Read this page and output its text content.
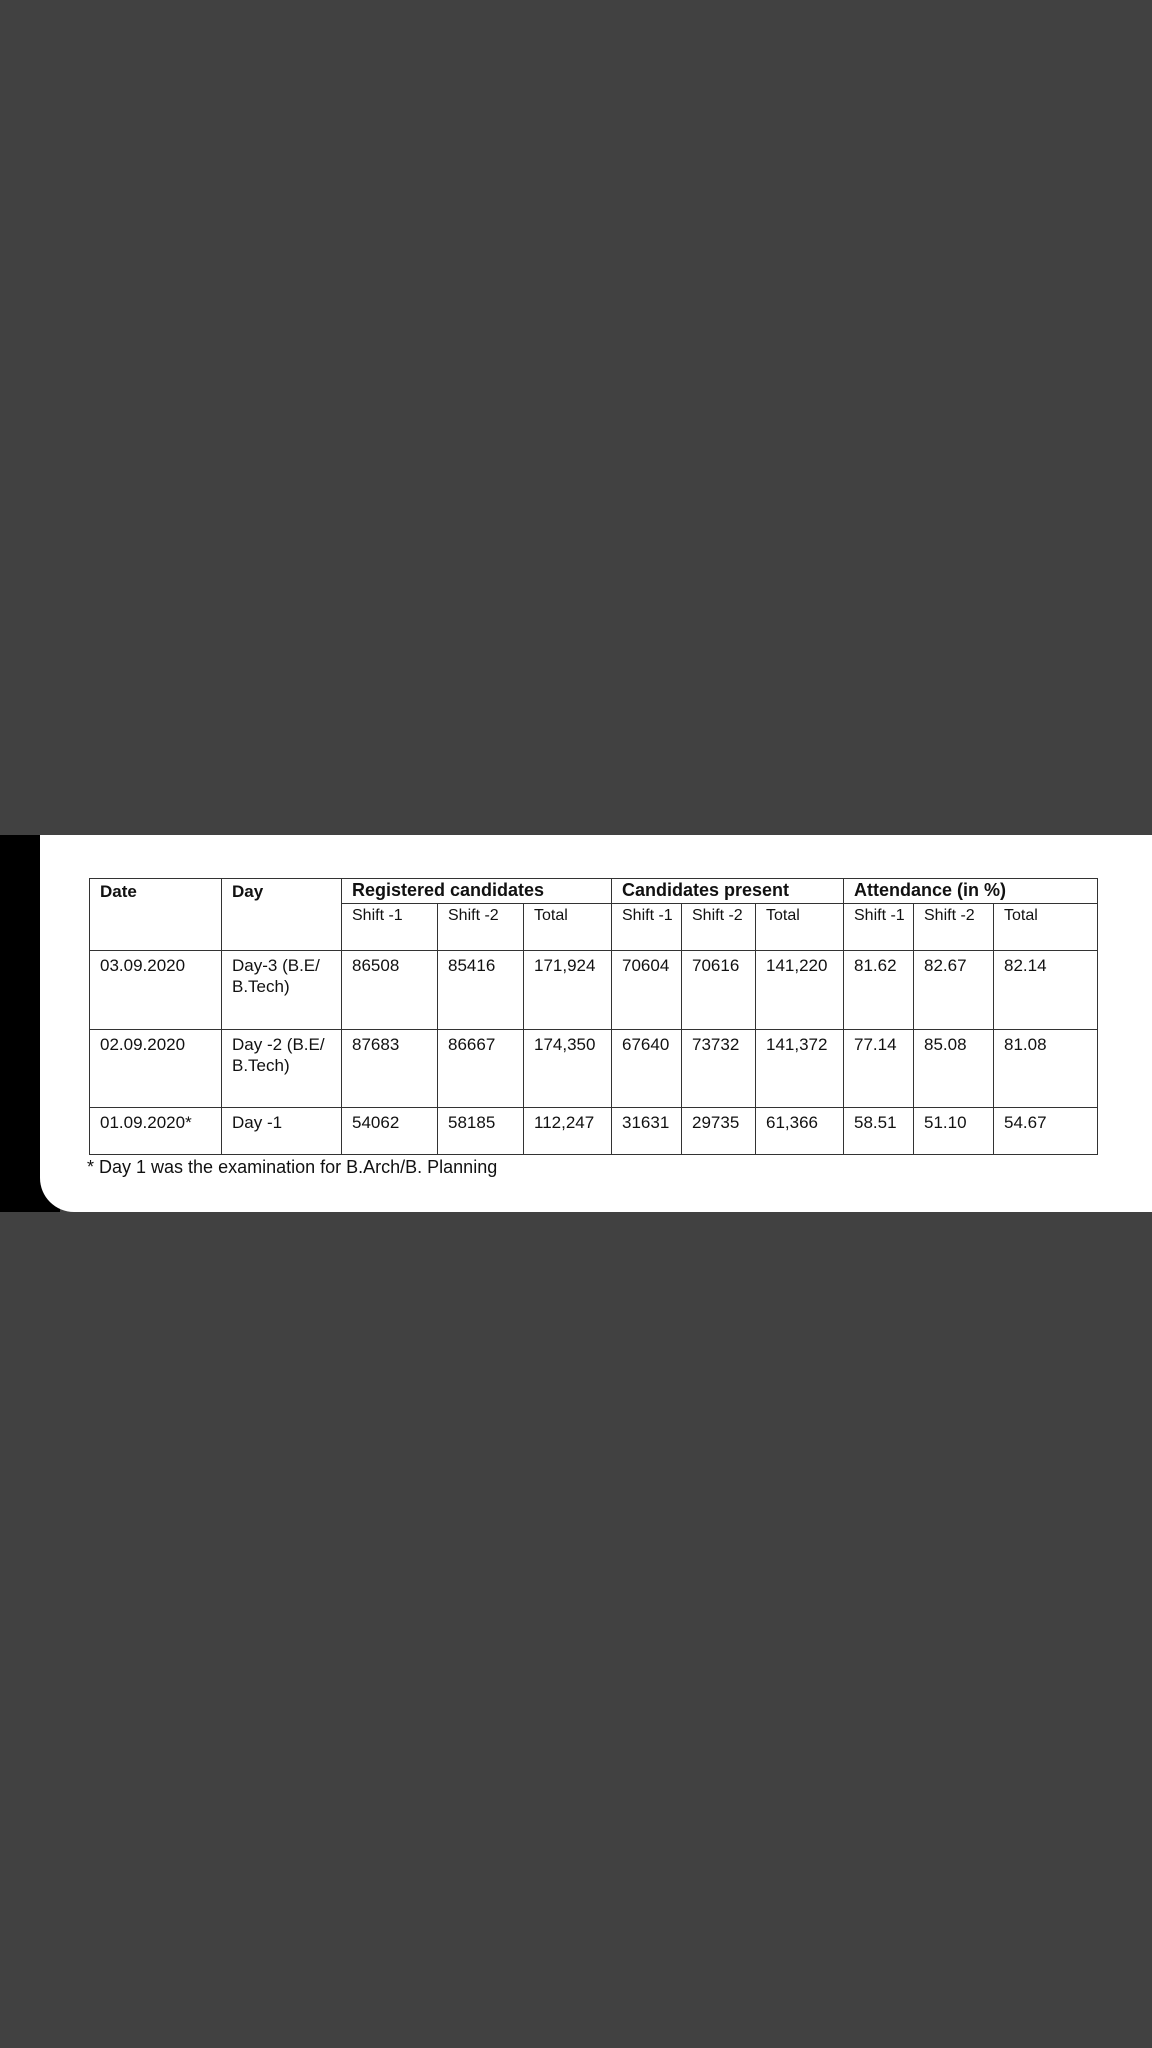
Date	Day	Registered candidates			Candidates present			Attendance (in %)		
		Shift -1	Shift -2	Total	Shift -1	Shift -2	Total	Shift -1	Shift -2	Total
03.09.2020	Day-3 (B.E/ B.Tech)	86508	85416	171,924	70604	70616	141,220	81.62	82.67	82.14
02.09.2020	Day -2 (B.E/ B.Tech)	87683	86667	174,350	67640	73732	141,372	77.14	85.08	81.08
01.09.2020*	Day -1	54062	58185	112,247	31631	29735	61,366	58.51	51.10	54.67
* Day 1 was the examination for B.Arch/B. Planning
